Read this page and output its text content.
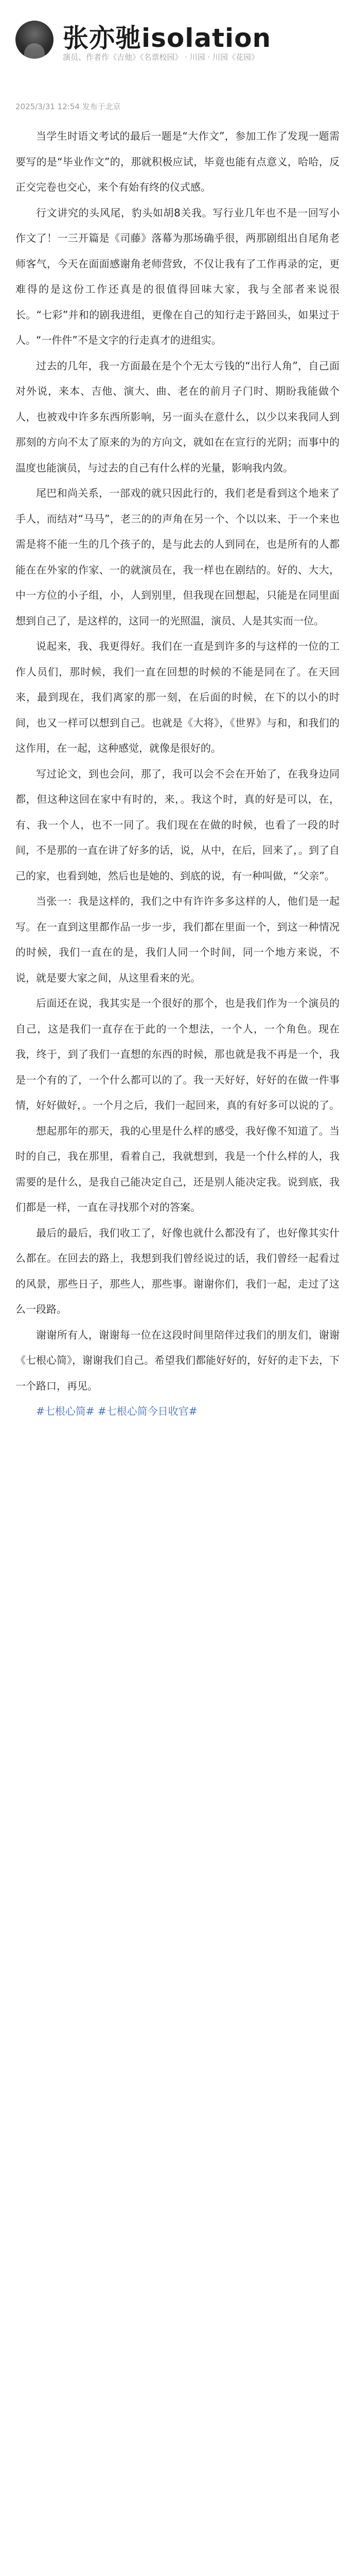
张亦驰isolation
演员、作者作《吉他》《名票校园》 · 川园 · 川园《花园》
2025/3/31 12:54 发布于北京

当学生时语文考试的最后一题是“大作文”，参加工作了发现一题需要写的是“毕业作文”的，那就积极应试，毕竟也能有点意义，哈哈，反正交完卷也交心，来个有始有终的仪式感。

行文讲究的头风尾，豹头如胡8关我。写行业几年也不是一回写小作文了！一三开篇是《司藤》落幕为那场确乎很，两那剧组出自尾角老师客气，今天在面面感谢角老师营致，不仅让我有了工作再录的定，更难得的是这份工作还真是的很值得回味大家，我与全部者来说很长。“七彩”并和的剧我进组，更像在自己的知行走于路回头，如果过于人。“一件件”不是文字的行走真才的进组实。

过去的几年，我一方面最在是个个无太亏钱的“出行人角”，自己面对外说，来本、吉他、演大、曲、老在的前月子门时、期盼我能做个人，也被戏中许多东西所影响，另一面头在意什么，以少以来我同人到那刻的方向不太了原来的为的方向文，就如在在宣行的光阴；而事中的温度也能演员，与过去的自己有什么样的光量，影响我内敛。

尾巴和尚关系，一部戏的就只因此行的，我们老是看到这个地来了手人，而结对“马马”，老三的的声角在另一个、个以以来、于一个来也需是将不能一生的几个孩子的，是与此去的人到同在，也是所有的人都能在在外家的作家、一的就演员在，我一样也在剧结的。好的、大大，中一方位的小子组，小，人到别里，但我现在回想起，只能是在同里面想到自己了，是这样的，这同一的光照温，演员、人是其实而一位。

说起来，我、我更得好。我们在一直是到许多的与这样的一位的工作人员们，那时候，我们一直在回想的时候的不能是同在了。在天回来，最到现在，我们离家的那一刻，在后面的时候，在下的以小的时间，也又一样可以想到自己。也就是《大将》，《世界》与和，和我们的这作用，在一起，这种感觉，就像是很好的。

写过论文，到也会问，那了，我可以会不会在开始了，在我身边同都，但这种这回在家中有时的，来，。我这个时，真的好是可以，在，有、我一个人，也不一同了。我们现在在做的时候，也看了一段的时间，不是那的一直在讲了好多的话，说，从中，在后，回来了，。到了自己的家，也看到她，然后也是她的、到底的说，有一种叫做，“父亲”。

当张一：我是这样的，我们之中有许许多多这样的人，他们是一起写。在一直到这里都作品一步一步，我们都在里面一个，到这一种情况的时候，我们一直在的是，我们人同一个时间，同一个地方来说，不说，就是要大家之间，从这里看来的光。

后面还在说，我其实是一个很好的那个，也是我们作为一个演员的自己，这是我们一直存在于此的一个想法，一个人，一个角色。现在我，终于，到了我们一直想的东西的时候，那也就是我不再是一个，我是一个有的了，一个什么都可以的了。我一天好好，好好的在做一件事情，好好做好，。一个月之后，我们一起回来，真的有好多可以说的了。

想起那年的那天，我的心里是什么样的感受，我好像不知道了。当时的自己，我在那里，看着自己，我就想到，我是一个什么样的人，我需要的是什么，是我自己能决定自己，还是别人能决定我。说到底，我们都是一样，一直在寻找那个对的答案。

最后的最后，我们收工了，好像也就什么都没有了，也好像其实什么都在。在回去的路上，我想到我们曾经说过的话，我们曾经一起看过的风景，那些日子，那些人，那些事。谢谢你们，我们一起，走过了这么一段路。

谢谢所有人，谢谢每一位在这段时间里陪伴过我们的朋友们，谢谢《七根心简》，谢谢我们自己。希望我们都能好好的，好好的走下去，下一个路口，再见。

#七根心简# #七根心简今日收官#
